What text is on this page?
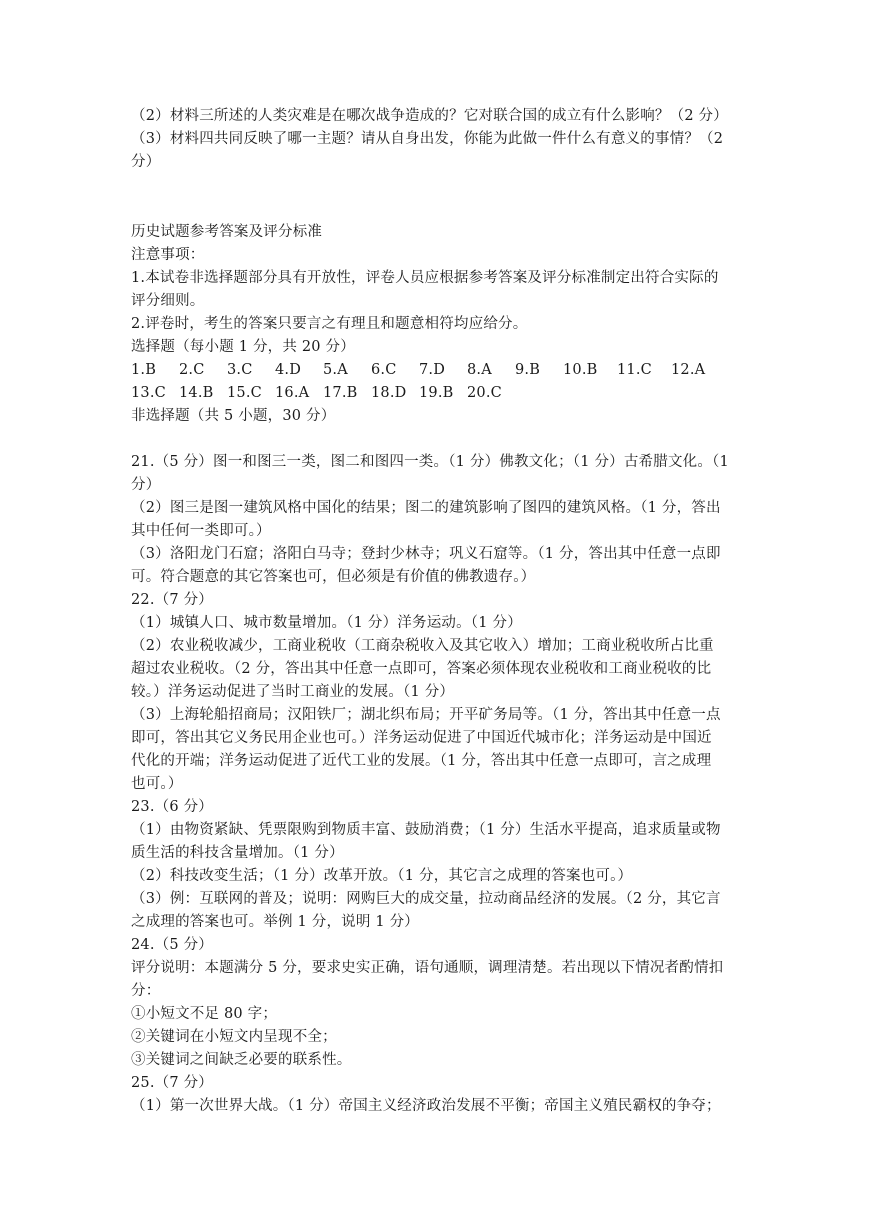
（2）材料三所述的人类灾难是在哪次战争造成的？它对联合国的成立有什么影响？（2 分）
（3）材料四共同反映了哪一主题？请从自身出发，你能为此做一件什么有意义的事情？（2
分）
历史试题参考答案及评分标准
注意事项：
1.本试卷非选择题部分具有开放性，评卷人员应根据参考答案及评分标准制定出符合实际的
评分细则。
2.评卷时，考生的答案只要言之有理且和题意相符均应给分。
选择题（每小题 1 分，共 20 分）
1.B 2.C 3.C 4.D 5.A 6.C 7.D 8.A 9.B 10.B 11.C 12.A
13.C 14.B 15.C 16.A 17.B 18.D 19.B 20.C
非选择题（共 5 小题，30 分）
21.（5 分）图一和图三一类，图二和图四一类。（1 分）佛教文化；（1 分）古希腊文化。（1
分）
（2）图三是图一建筑风格中国化的结果；图二的建筑影响了图四的建筑风格。（1 分，答出
其中任何一类即可。）
（3）洛阳龙门石窟；洛阳白马寺；登封少林寺；巩义石窟等。（1 分，答出其中任意一点即
可。符合题意的其它答案也可，但必须是有价值的佛教遗存。）
22.（7 分）
（1）城镇人口、城市数量增加。（1 分）洋务运动。（1 分）
（2）农业税收减少，工商业税收（工商杂税收入及其它收入）增加；工商业税收所占比重
超过农业税收。（2 分，答出其中任意一点即可，答案必须体现农业税收和工商业税收的比
较。）洋务运动促进了当时工商业的发展。（1 分）
（3）上海轮船招商局；汉阳铁厂；湖北织布局；开平矿务局等。（1 分，答出其中任意一点
即可，答出其它义务民用企业也可。）洋务运动促进了中国近代城市化；洋务运动是中国近
代化的开端；洋务运动促进了近代工业的发展。（1 分，答出其中任意一点即可，言之成理
也可。）
23.（6 分）
（1）由物资紧缺、凭票限购到物质丰富、鼓励消费；（1 分）生活水平提高，追求质量或物
质生活的科技含量增加。（1 分）
（2）科技改变生活；（1 分）改革开放。（1 分，其它言之成理的答案也可。）
（3）例：互联网的普及；说明：网购巨大的成交量，拉动商品经济的发展。（2 分，其它言
之成理的答案也可。举例 1 分，说明 1 分）
24.（5 分）
评分说明：本题满分 5 分，要求史实正确，语句通顺，调理清楚。若出现以下情况者酌情扣
分：
①小短文不足 80 字；
②关键词在小短文内呈现不全；
③关键词之间缺乏必要的联系性。
25.（7 分）
（1）第一次世界大战。（1 分）帝国主义经济政治发展不平衡；帝国主义殖民霸权的争夺；
